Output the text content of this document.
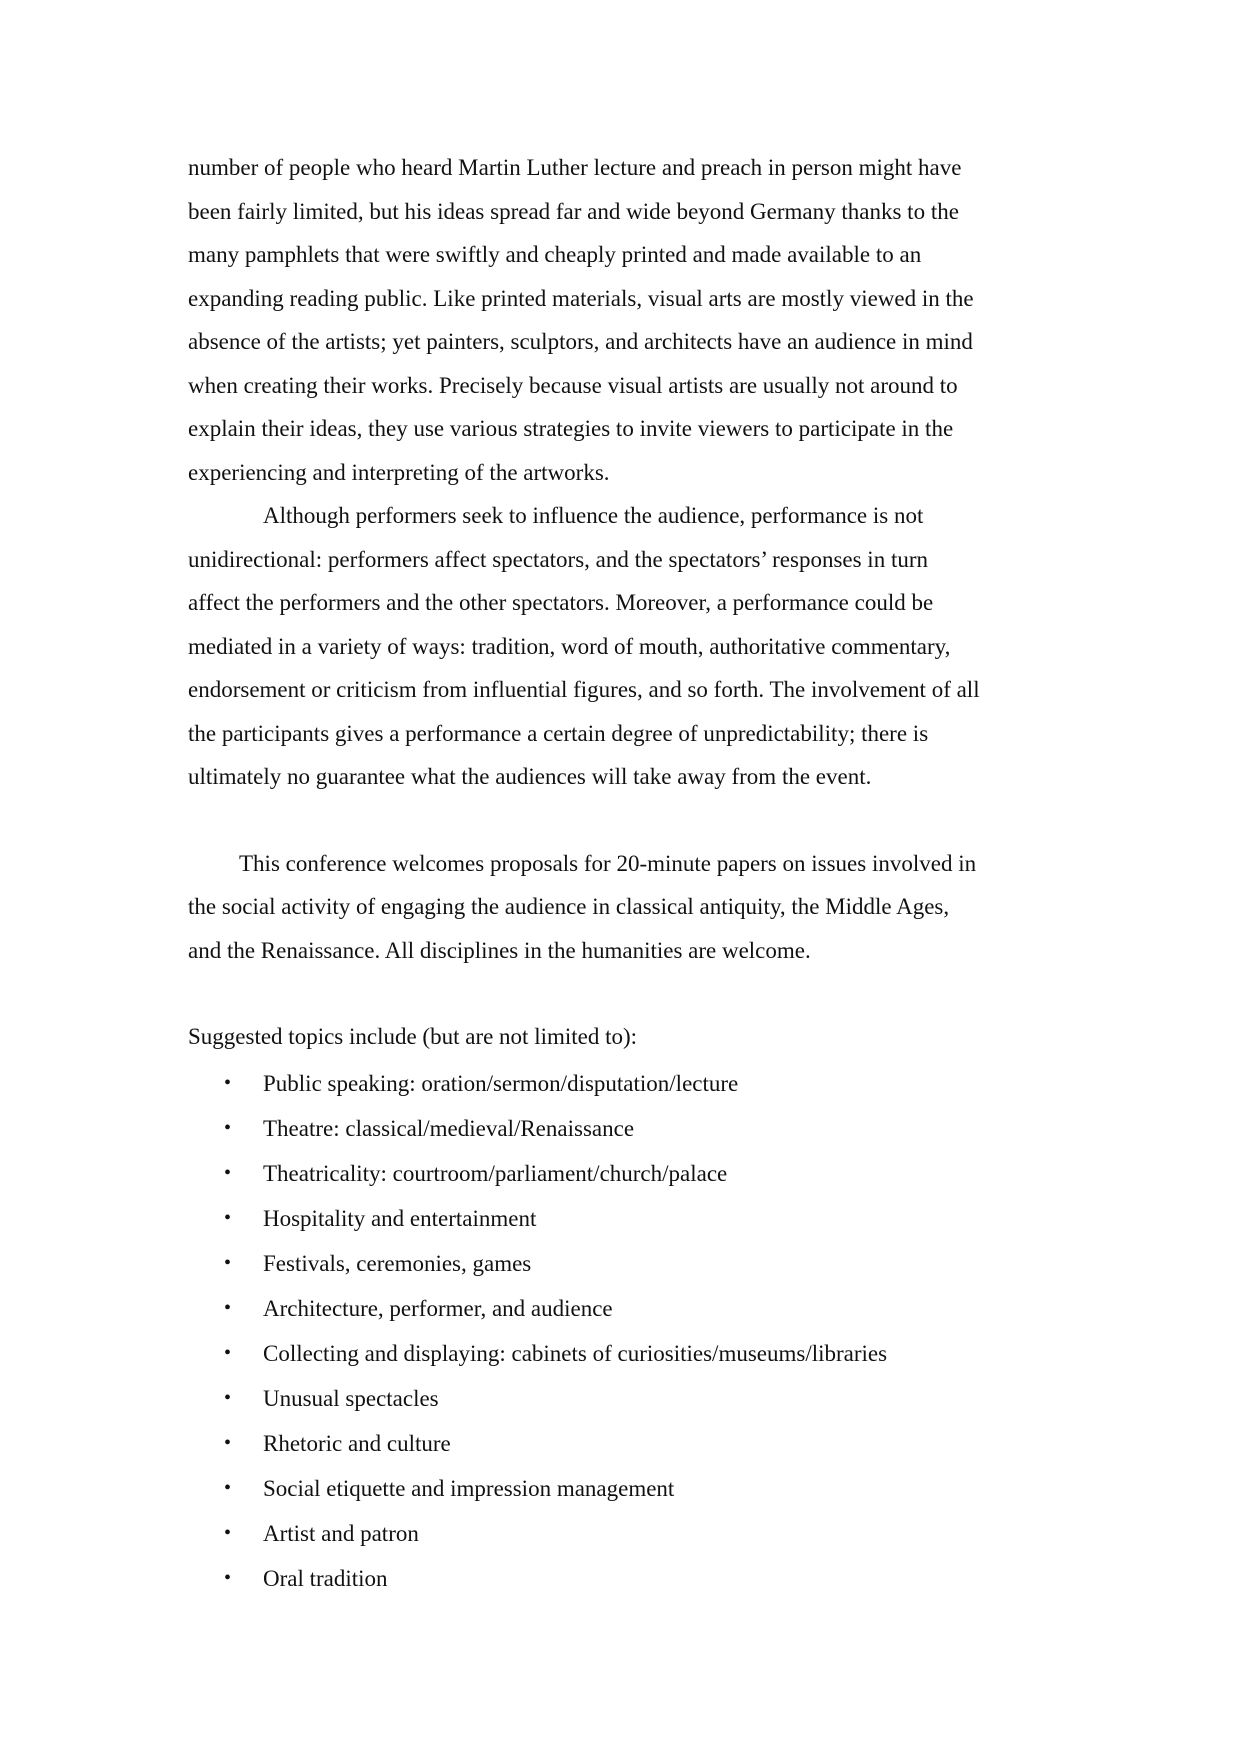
number of people who heard Martin Luther lecture and preach in person might have
been fairly limited, but his ideas spread far and wide beyond Germany thanks to the
many pamphlets that were swiftly and cheaply printed and made available to an
expanding reading public. Like printed materials, visual arts are mostly viewed in the
absence of the artists; yet painters, sculptors, and architects have an audience in mind
when creating their works. Precisely because visual artists are usually not around to
explain their ideas, they use various strategies to invite viewers to participate in the
experiencing and interpreting of the artworks.

Although performers seek to influence the audience, performance is not
unidirectional: performers affect spectators, and the spectators’ responses in turn
affect the performers and the other spectators. Moreover, a performance could be
mediated in a variety of ways: tradition, word of mouth, authoritative commentary,
endorsement or criticism from influential figures, and so forth. The involvement of all
the participants gives a performance a certain degree of unpredictability; there is
ultimately no guarantee what the audiences will take away from the event.

This conference welcomes proposals for 20-minute papers on issues involved in
the social activity of engaging the audience in classical antiquity, the Middle Ages,
and the Renaissance. All disciplines in the humanities are welcome.

Suggested topics include (but are not limited to):
• Public speaking: oration/sermon/disputation/lecture
• Theatre: classical/medieval/Renaissance
• Theatricality: courtroom/parliament/church/palace
• Hospitality and entertainment
• Festivals, ceremonies, games
• Architecture, performer, and audience
• Collecting and displaying: cabinets of curiosities/museums/libraries
• Unusual spectacles
• Rhetoric and culture
• Social etiquette and impression management
• Artist and patron
• Oral tradition
